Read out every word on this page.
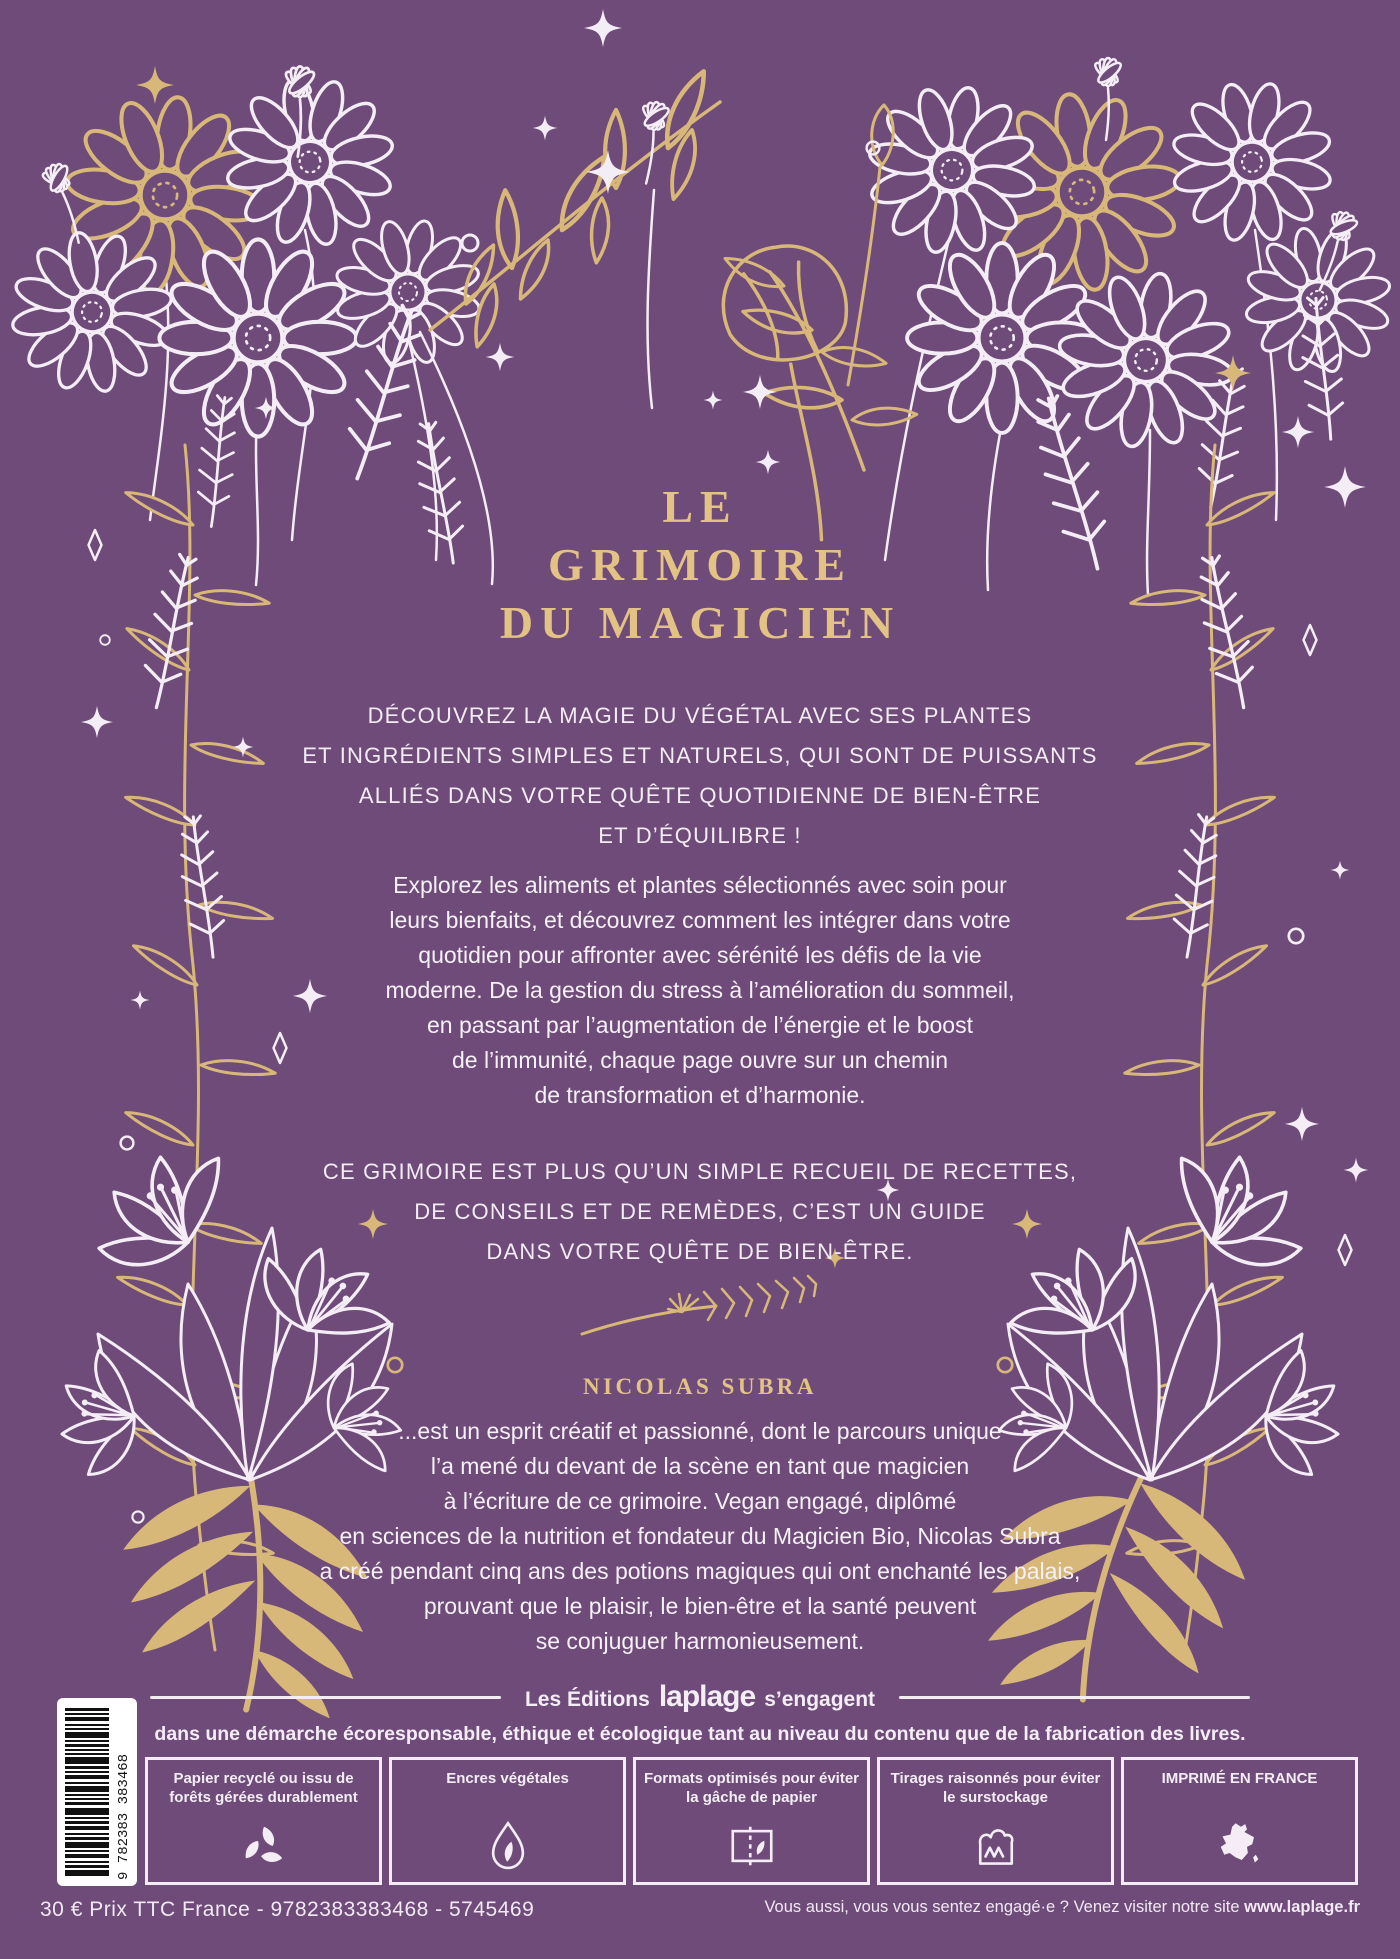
LE
GRIMOIRE
DU MAGICIEN
DÉCOUVREZ LA MAGIE DU VÉGÉTAL AVEC SES PLANTES
ET INGRÉDIENTS SIMPLES ET NATURELS, QUI SONT DE PUISSANTS
ALLIÉS DANS VOTRE QUÊTE QUOTIDIENNE DE BIEN-ÊTRE
ET D’ÉQUILIBRE !
Explorez les aliments et plantes sélectionnés avec soin pour
leurs bienfaits, et découvrez comment les intégrer dans votre
quotidien pour affronter avec sérénité les défis de la vie
moderne. De la gestion du stress à l’amélioration du sommeil,
en passant par l’augmentation de l’énergie et le boost
de l’immunité, chaque page ouvre sur un chemin
de transformation et d’harmonie.
CE GRIMOIRE EST PLUS QU’UN SIMPLE RECUEIL DE RECETTES,
DE CONSEILS ET DE REMÈDES, C’EST UN GUIDE
DANS VOTRE QUÊTE DE BIEN-ÊTRE.
NICOLAS SUBRA
...est un esprit créatif et passionné, dont le parcours unique
l’a mené du devant de la scène en tant que magicien
à l’écriture de ce grimoire. Vegan engagé, diplômé
en sciences de la nutrition et fondateur du Magicien Bio, Nicolas Subra
a créé pendant cinq ans des potions magiques qui ont enchanté les palais,
prouvant que le plaisir, le bien-être et la santé peuvent
se conjuguer harmonieusement.
Les Éditions laplage s’engagent
dans une démarche écoresponsable, éthique et écologique tant au niveau du contenu que de la fabrication des livres.
Papier recyclé ou issu de forêts gérées durablement
Encres végétales	Formats optimisés pour éviter la gâche de papier
Tirages raisonnés pour éviter le surstockage
IMPRIMÉ EN FRANCE
9 782383 383468
30 € Prix TTC France - 9782383383468 - 5745469	Vous aussi, vous vous sentez engagé·e ? Venez visiter notre site www.laplage.fr
